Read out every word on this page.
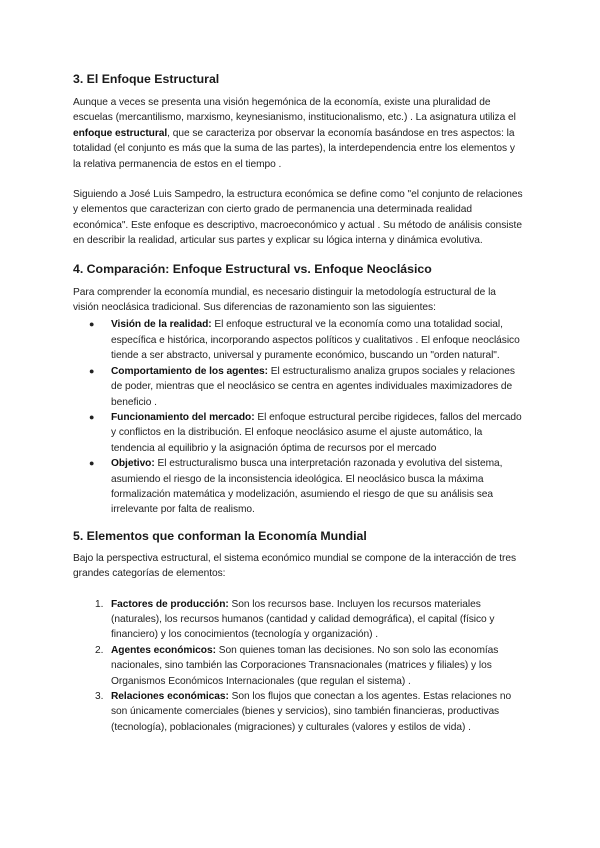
3. El Enfoque Estructural

Aunque a veces se presenta una visión hegemónica de la economía, existe una pluralidad de escuelas (mercantilismo, marxismo, keynesianismo, institucionalismo, etc.) . La asignatura utiliza el enfoque estructural, que se caracteriza por observar la economía basándose en tres aspectos: la totalidad (el conjunto es más que la suma de las partes), la interdependencia entre los elementos y la relativa permanencia de estos en el tiempo .

Siguiendo a José Luis Sampedro, la estructura económica se define como "el conjunto de relaciones y elementos que caracterizan con cierto grado de permanencia una determinada realidad económica". Este enfoque es descriptivo, macroeconómico y actual . Su método de análisis consiste en describir la realidad, articular sus partes y explicar su lógica interna y dinámica evolutiva.

4. Comparación: Enfoque Estructural vs. Enfoque Neoclásico

Para comprender la economía mundial, es necesario distinguir la metodología estructural de la visión neoclásica tradicional. Sus diferencias de razonamiento son las siguientes:

● Visión de la realidad: El enfoque estructural ve la economía como una totalidad social, específica e histórica, incorporando aspectos políticos y cualitativos . El enfoque neoclásico tiende a ser abstracto, universal y puramente económico, buscando un "orden natural".
● Comportamiento de los agentes: El estructuralismo analiza grupos sociales y relaciones de poder, mientras que el neoclásico se centra en agentes individuales maximizadores de beneficio .
● Funcionamiento del mercado: El enfoque estructural percibe rigideces, fallos del mercado y conflictos en la distribución. El enfoque neoclásico asume el ajuste automático, la tendencia al equilibrio y la asignación óptima de recursos por el mercado
● Objetivo: El estructuralismo busca una interpretación razonada y evolutiva del sistema, asumiendo el riesgo de la inconsistencia ideológica. El neoclásico busca la máxima formalización matemática y modelización, asumiendo el riesgo de que su análisis sea irrelevante por falta de realismo.
5. Elementos que conforman la Economía Mundial

Bajo la perspectiva estructural, el sistema económico mundial se compone de la interacción de tres grandes categorías de elementos:

1. Factores de producción: Son los recursos base. Incluyen los recursos materiales (naturales), los recursos humanos (cantidad y calidad demográfica), el capital (físico y financiero) y los conocimientos (tecnología y organización) .
2. Agentes económicos: Son quienes toman las decisiones. No son solo las economías nacionales, sino también las Corporaciones Transnacionales (matrices y filiales) y los Organismos Económicos Internacionales (que regulan el sistema) .
3. Relaciones económicas: Son los flujos que conectan a los agentes. Estas relaciones no son únicamente comerciales (bienes y servicios), sino también financieras, productivas (tecnología), poblacionales (migraciones) y culturales (valores y estilos de vida) .
